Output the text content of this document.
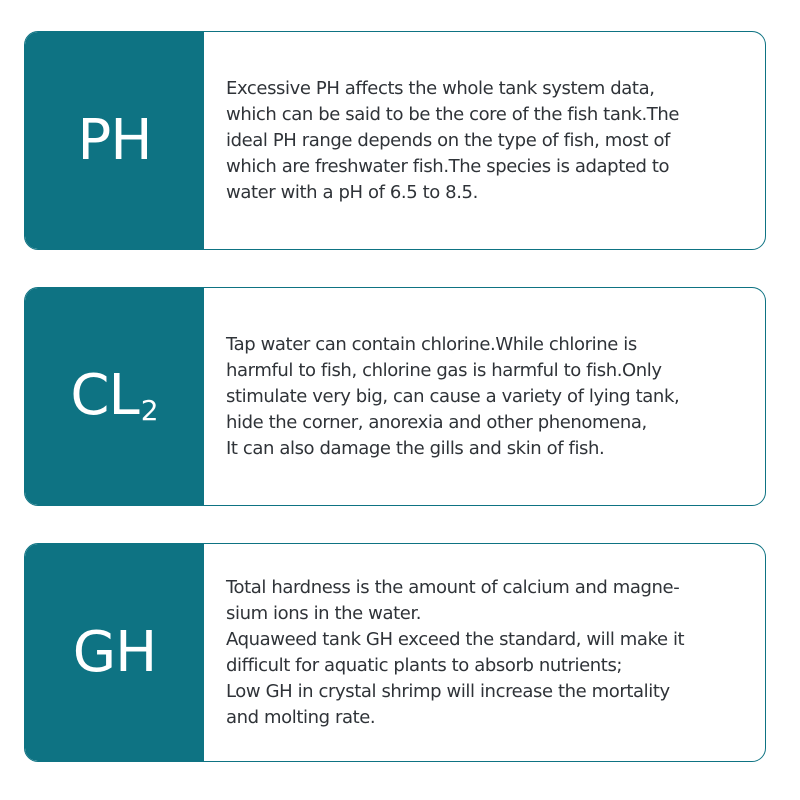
PH
Excessive PH affects the whole tank system data,
which can be said to be the core of the fish tank.The
ideal PH range depends on the type of fish, most of
which are freshwater fish.The species is adapted to
water with a pH of 6.5 to 8.5.
CL2
Tap water can contain chlorine.While chlorine is
harmful to fish, chlorine gas is harmful to fish.Only
stimulate very big, can cause a variety of lying tank,
hide the corner, anorexia and other phenomena,
It can also damage the gills and skin of fish.
GH
Total hardness is the amount of calcium and magne-
sium ions in the water.
Aquaweed tank GH exceed the standard, will make it
difficult for aquatic plants to absorb nutrients;
Low GH in crystal shrimp will increase the mortality
and molting rate.
